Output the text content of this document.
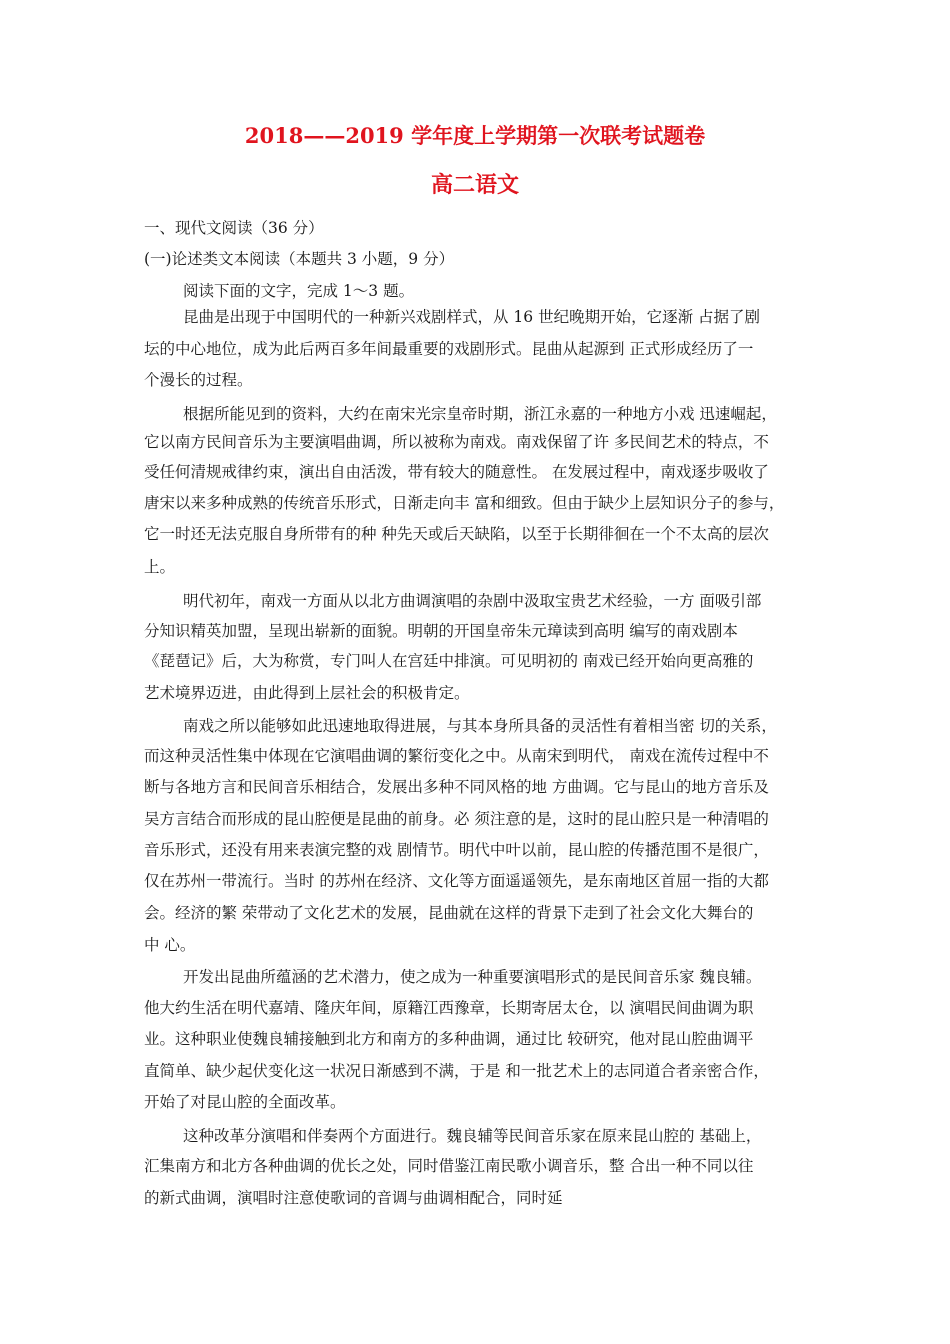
2018——2019 学年度上学期第一次联考试题卷
高二语文
一、现代文阅读（36 分）
(一)论述类文本阅读（本题共 3 小题，9 分）
阅读下面的文字，完成 1～3 题。
昆曲是出现于中国明代的一种新兴戏剧样式，从 16 世纪晚期开始，它逐渐 占据了剧
坛的中心地位，成为此后两百多年间最重要的戏剧形式。昆曲从起源到 正式形成经历了一
个漫长的过程。
根据所能见到的资料，大约在南宋光宗皇帝时期，浙江永嘉的一种地方小戏 迅速崛起，
它以南方民间音乐为主要演唱曲调，所以被称为南戏。南戏保留了许 多民间艺术的特点，不
受任何清规戒律约束，演出自由活泼，带有较大的随意性。 在发展过程中，南戏逐步吸收了
唐宋以来多种成熟的传统音乐形式，日渐走向丰 富和细致。但由于缺少上层知识分子的参与，
它一时还无法克服自身所带有的种 种先天或后天缺陷，以至于长期徘徊在一个不太高的层次
上。
明代初年，南戏一方面从以北方曲调演唱的杂剧中汲取宝贵艺术经验，一方 面吸引部
分知识精英加盟，呈现出崭新的面貌。明朝的开国皇帝朱元璋读到高明 编写的南戏剧本
《琵琶记》后，大为称赏，专门叫人在宫廷中排演。可见明初的 南戏已经开始向更高雅的
艺术境界迈进，由此得到上层社会的积极肯定。
南戏之所以能够如此迅速地取得进展，与其本身所具备的灵活性有着相当密 切的关系，
而这种灵活性集中体现在它演唱曲调的繁衍变化之中。从南宋到明代， 南戏在流传过程中不
断与各地方言和民间音乐相结合，发展出多种不同风格的地 方曲调。它与昆山的地方音乐及
吴方言结合而形成的昆山腔便是昆曲的前身。必 须注意的是，这时的昆山腔只是一种清唱的
音乐形式，还没有用来表演完整的戏 剧情节。明代中叶以前，昆山腔的传播范围不是很广，
仅在苏州一带流行。当时 的苏州在经济、文化等方面遥遥领先，是东南地区首屈一指的大都
会。经济的繁 荣带动了文化艺术的发展，昆曲就在这样的背景下走到了社会文化大舞台的
中 心。
开发出昆曲所蕴涵的艺术潜力，使之成为一种重要演唱形式的是民间音乐家 魏良辅。
他大约生活在明代嘉靖、隆庆年间，原籍江西豫章，长期寄居太仓，以 演唱民间曲调为职
业。这种职业使魏良辅接触到北方和南方的多种曲调，通过比 较研究，他对昆山腔曲调平
直简单、缺少起伏变化这一状况日渐感到不满，于是 和一批艺术上的志同道合者亲密合作，
开始了对昆山腔的全面改革。
这种改革分演唱和伴奏两个方面进行。魏良辅等民间音乐家在原来昆山腔的 基础上，
汇集南方和北方各种曲调的优长之处，同时借鉴江南民歌小调音乐，整 合出一种不同以往
的新式曲调，演唱时注意使歌词的音调与曲调相配合，同时延
